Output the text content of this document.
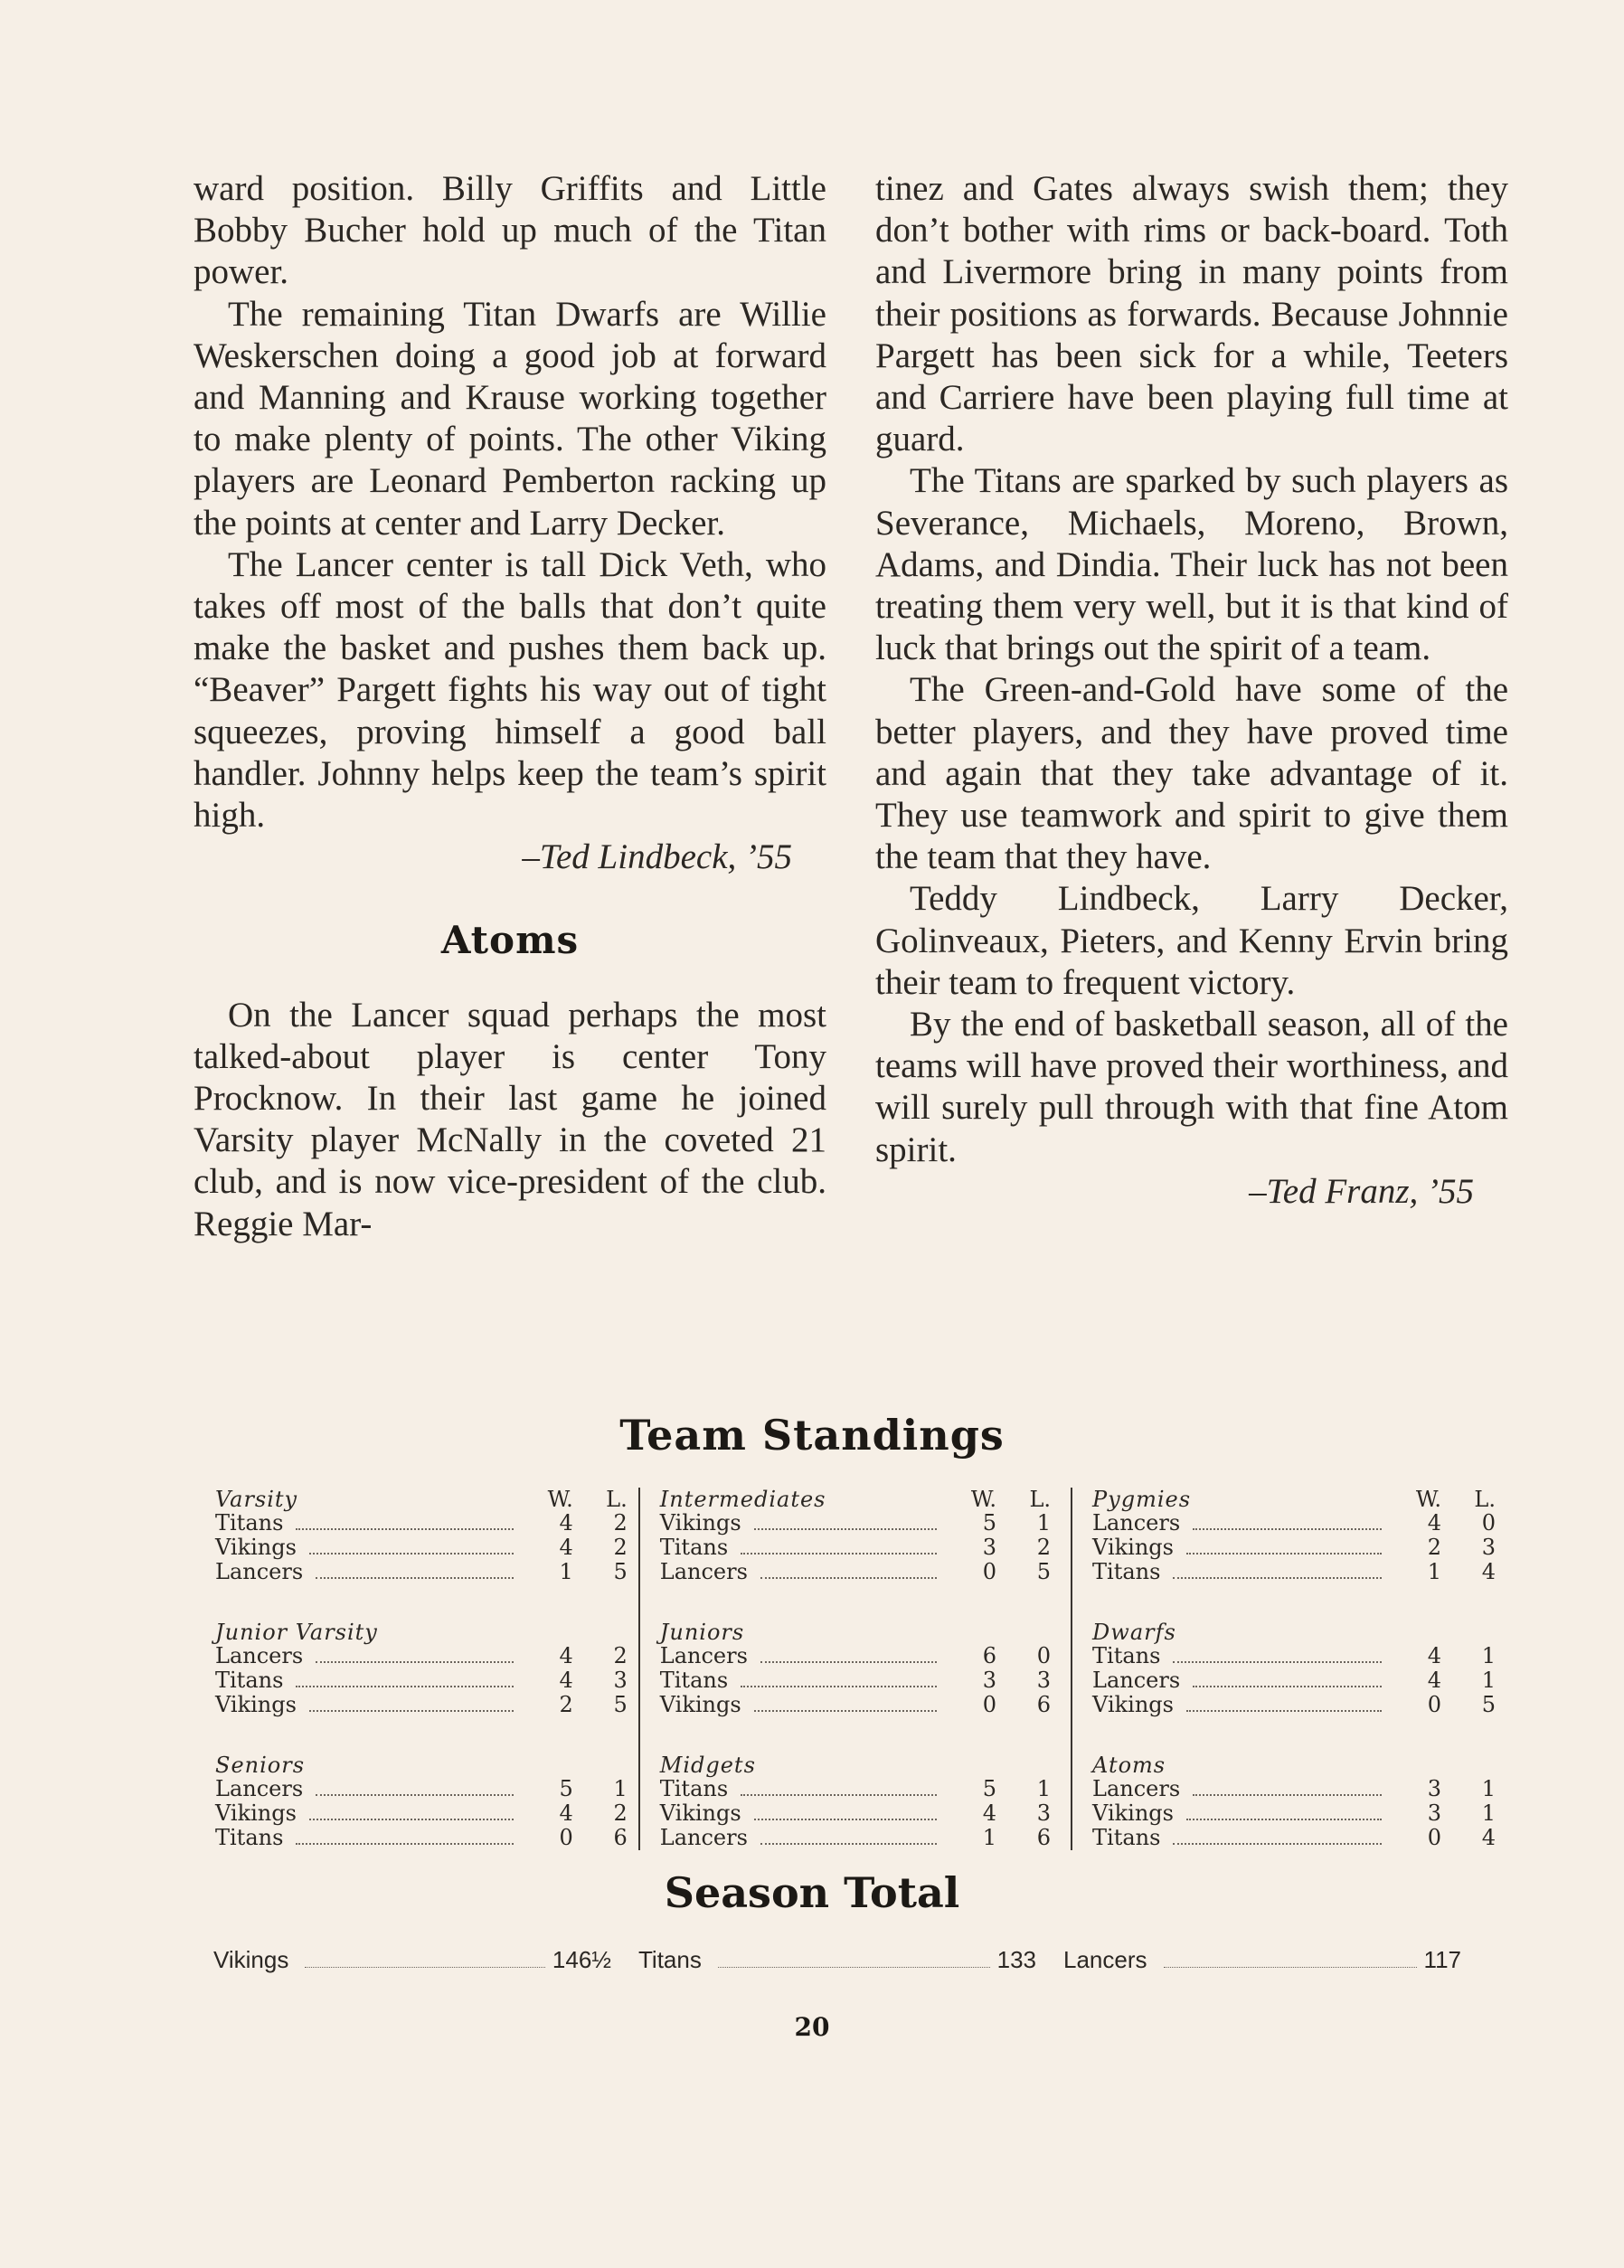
ward position. Billy Griffits and Little Bobby Bucher hold up much of the Titan power.

The remaining Titan Dwarfs are Willie Weskerschen doing a good job at forward and Manning and Krause working together to make plenty of points. The other Viking players are Leonard Pemberton racking up the points at center and Larry Decker.

The Lancer center is tall Dick Veth, who takes off most of the balls that don’t quite make the basket and pushes them back up. “Beaver” Pargett fights his way out of tight squeezes, proving himself a good ball handler. Johnny helps keep the team’s spirit high.

–Ted Lindbeck, ’55

Atoms

On the Lancer squad perhaps the most talked-about player is center Tony Procknow. In their last game he joined Varsity player McNally in the coveted 21 club, and is now vice-president of the club. Reggie Mar-

tinez and Gates always swish them; they don’t bother with rims or back-board. Toth and Livermore bring in many points from their positions as forwards. Because Johnnie Pargett has been sick for a while, Teeters and Carriere have been playing full time at guard.

The Titans are sparked by such players as Severance, Michaels, Moreno, Brown, Adams, and Dindia. Their luck has not been treating them very well, but it is that kind of luck that brings out the spirit of a team.

The Green-and-Gold have some of the better players, and they have proved time and again that they take advantage of it. They use teamwork and spirit to give them the team that they have.

Teddy Lindbeck, Larry Decker, Golinveaux, Pieters, and Kenny Ervin bring their team to frequent victory.

By the end of basketball season, all of the teams will have proved their worthiness, and will surely pull through with that fine Atom spirit.

–Ted Franz, ’55

Team Standings
Varsity	W.	L.
Titans	4	2
Vikings	4	2
Lancers	1	5
Junior Varsity
Lancers	4	2
Titans	4	3
Vikings	2	5
Seniors
Lancers	5	1
Vikings	4	2
Titans	0	6
Intermediates	W.	L.
Vikings	5	1
Titans	3	2
Lancers	0	5
Juniors
Lancers	6	0
Titans	3	3
Vikings	0	6
Midgets
Titans	5	1
Vikings	4	3
Lancers	1	6
Pygmies	W.	L.
Lancers	4	0
Vikings	2	3
Titans	1	4
Dwarfs
Titans	4	1
Lancers	4	1
Vikings	0	5
Atoms
Lancers	3	1
Vikings	3	1
Titans	0	4
Season Total
Vikings	146½ Titans	133 Lancers	117
20
